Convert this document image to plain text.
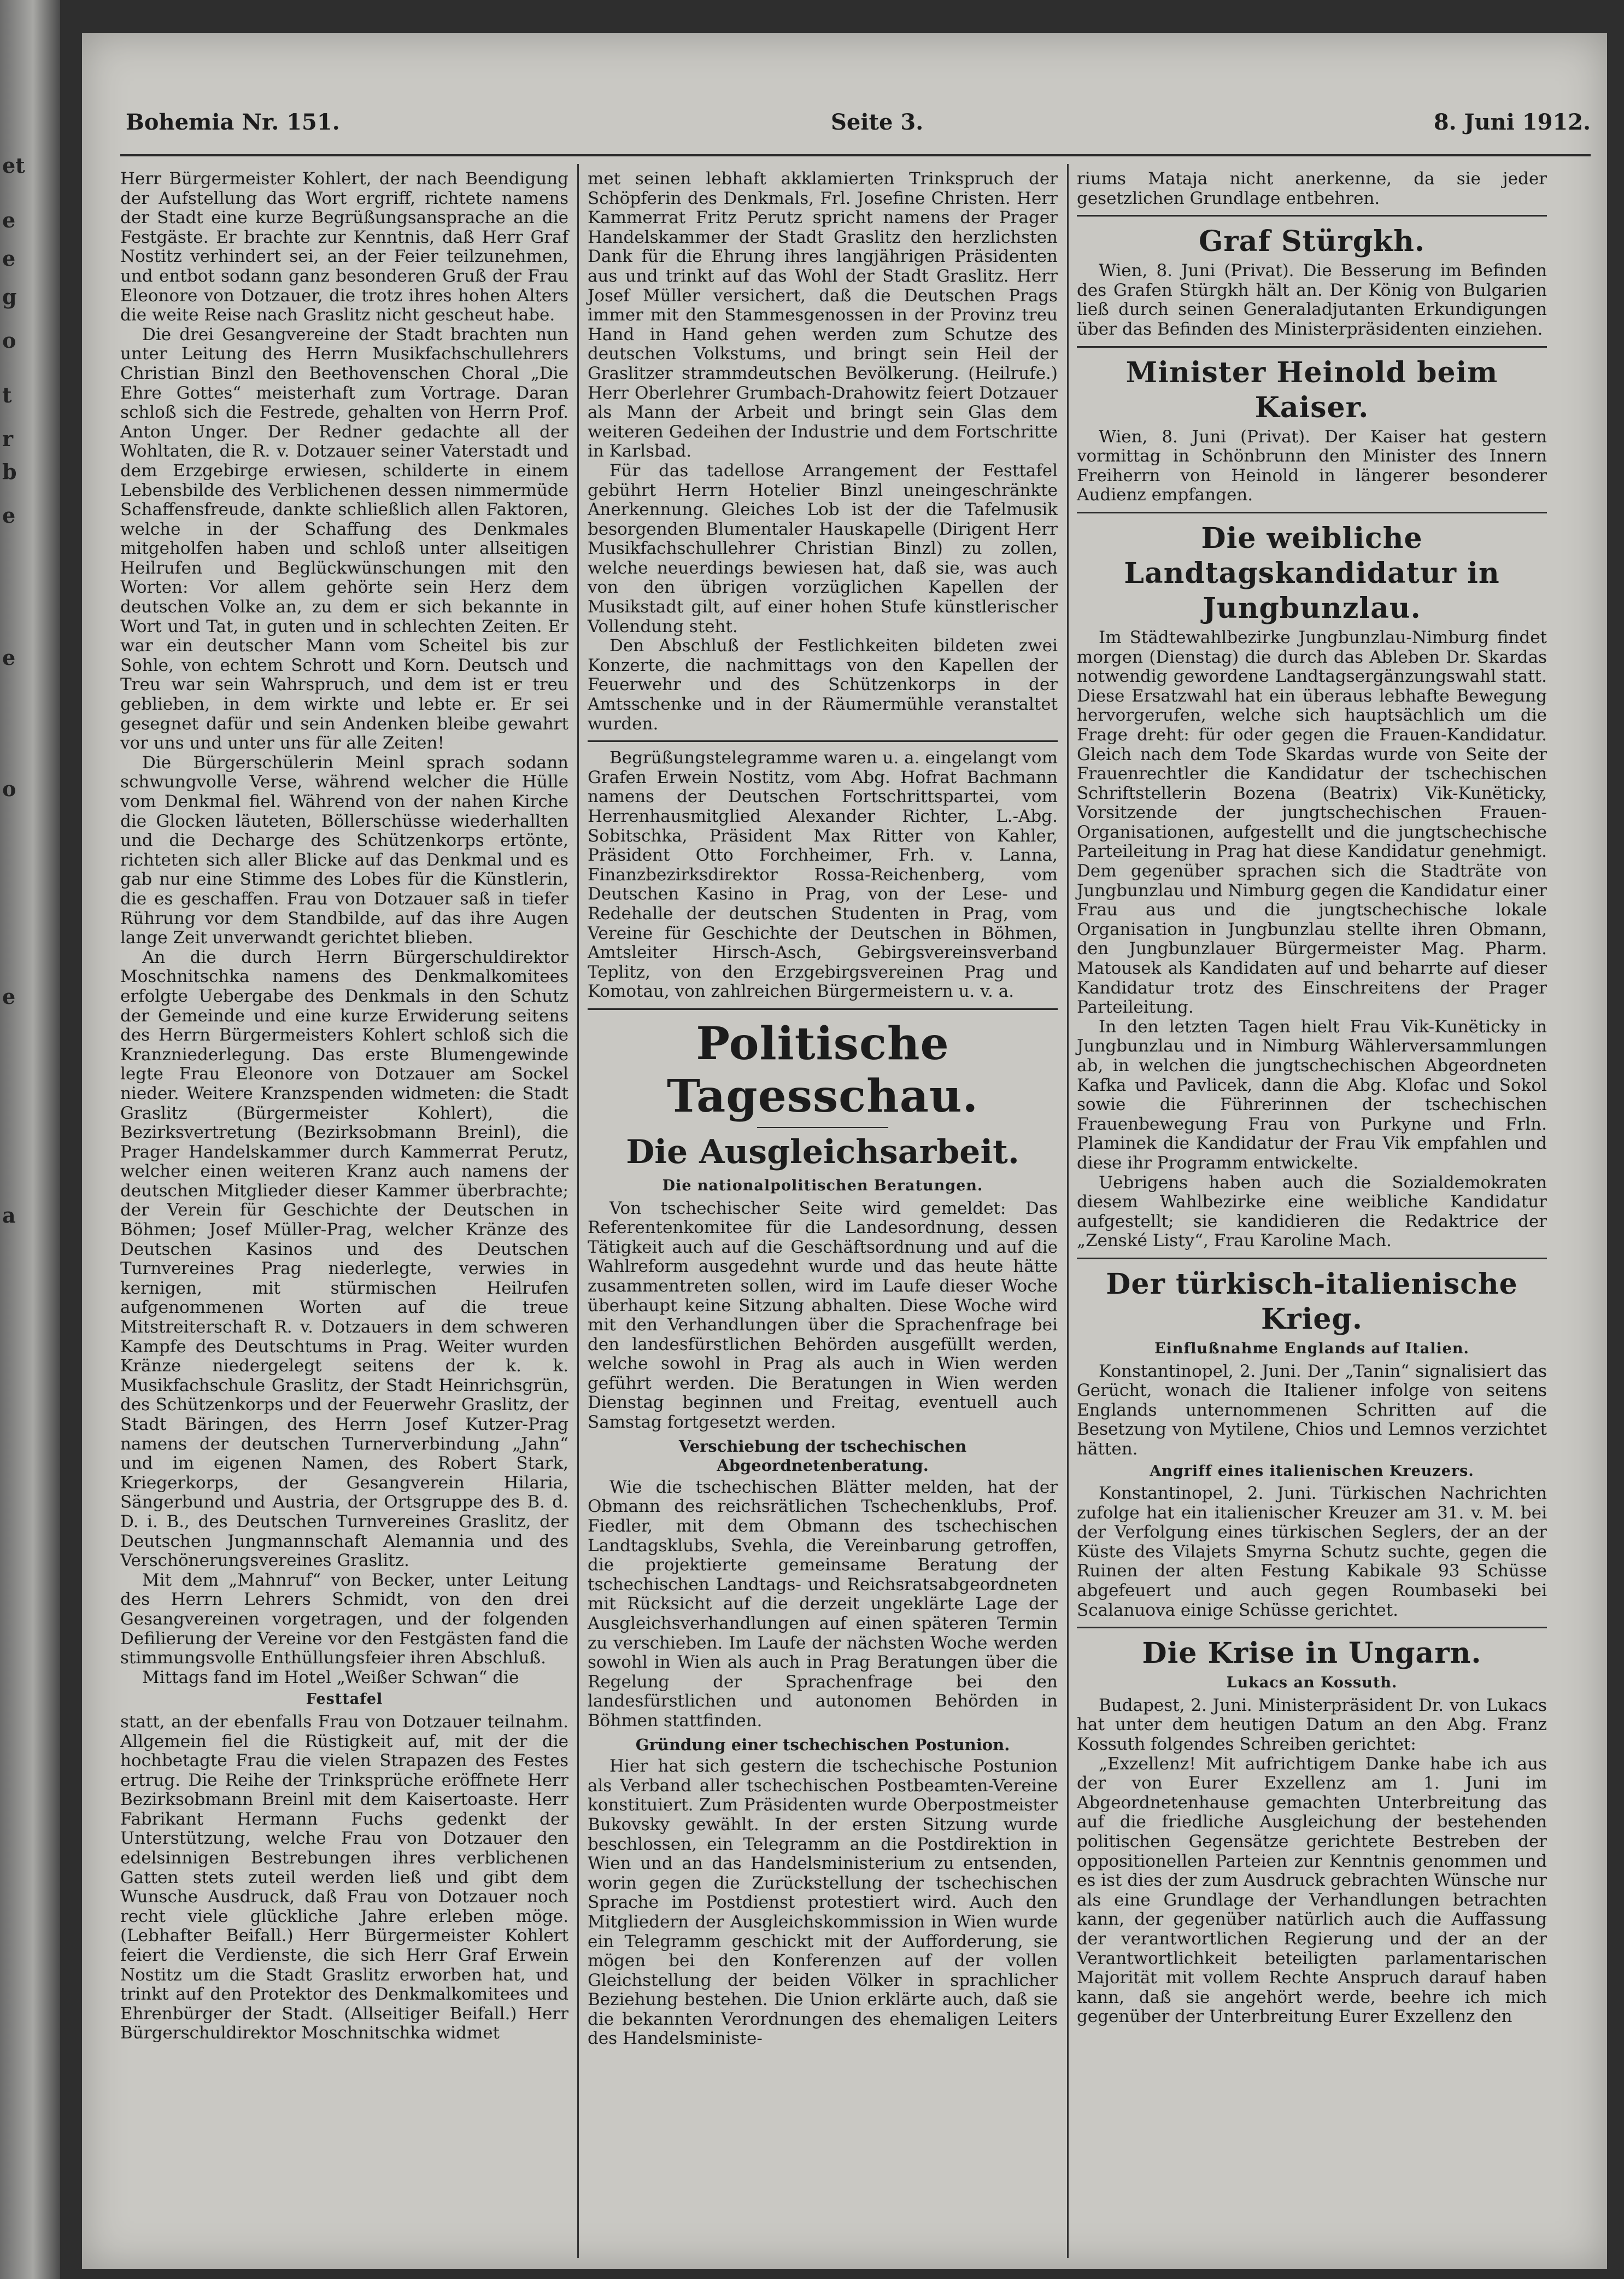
et
e
e
g
o
t
r
b
e
e
o
e
a
Bohemia Nr. 151.	Seite 3.	8. Juni 1912.

Herr Bürgermeister Kohlert, der nach Beendigung der Aufstellung das Wort ergriff, richtete namens der Stadt eine kurze Begrüßungsansprache an die Festgäste. Er brachte zur Kenntnis, daß Herr Graf Nostitz verhindert sei, an der Feier teilzunehmen, und entbot sodann ganz besonderen Gruß der Frau Eleonore von Dotzauer, die trotz ihres hohen Alters die weite Reise nach Graslitz nicht gescheut habe.

Die drei Gesangvereine der Stadt brachten nun unter Leitung des Herrn Musikfachschullehrers Christian Binzl den Beethovenschen Choral „Die Ehre Gottes“ meisterhaft zum Vortrage. Daran schloß sich die Festrede, gehalten von Herrn Prof. Anton Unger. Der Redner gedachte all der Wohltaten, die R. v. Dotzauer seiner Vaterstadt und dem Erzgebirge erwiesen, schilderte in einem Lebensbilde des Verblichenen dessen nimmermüde Schaffensfreude, dankte schließlich allen Faktoren, welche in der Schaffung des Denkmales mitgeholfen haben und schloß unter allseitigen Heilrufen und Beglückwünschungen mit den Worten: Vor allem gehörte sein Herz dem deutschen Volke an, zu dem er sich bekannte in Wort und Tat, in guten und in schlechten Zeiten. Er war ein deutscher Mann vom Scheitel bis zur Sohle, von echtem Schrott und Korn. Deutsch und Treu war sein Wahrspruch, und dem ist er treu geblieben, in dem wirkte und lebte er. Er sei gesegnet dafür und sein Andenken bleibe gewahrt vor uns und unter uns für alle Zeiten!

Die Bürgerschülerin Meinl sprach sodann schwungvolle Verse, während welcher die Hülle vom Denkmal fiel. Während von der nahen Kirche die Glocken läuteten, Böllerschüsse wiederhallten und die Decharge des Schützenkorps ertönte, richteten sich aller Blicke auf das Denkmal und es gab nur eine Stimme des Lobes für die Künstlerin, die es geschaffen. Frau von Dotzauer saß in tiefer Rührung vor dem Standbilde, auf das ihre Augen lange Zeit unverwandt gerichtet blieben.

An die durch Herrn Bürgerschuldirektor Moschnitschka namens des Denkmalkomitees erfolgte Uebergabe des Denkmals in den Schutz der Gemeinde und eine kurze Erwiderung seitens des Herrn Bürgermeisters Kohlert schloß sich die Kranzniederlegung. Das erste Blumengewinde legte Frau Eleonore von Dotzauer am Sockel nieder. Weitere Kranzspenden widmeten: die Stadt Graslitz (Bürgermeister Kohlert), die Bezirksvertretung (Bezirksobmann Breinl), die Prager Handelskammer durch Kammerrat Perutz, welcher einen weiteren Kranz auch namens der deutschen Mitglieder dieser Kammer überbrachte; der Verein für Geschichte der Deutschen in Böhmen; Josef Müller-Prag, welcher Kränze des Deutschen Kasinos und des Deutschen Turnvereines Prag niederlegte, verwies in kernigen, mit stürmischen Heilrufen aufgenommenen Worten auf die treue Mitstreiterschaft R. v. Dotzauers in dem schweren Kampfe des Deutschtums in Prag. Weiter wurden Kränze niedergelegt seitens der k. k. Musikfachschule Graslitz, der Stadt Heinrichsgrün, des Schützenkorps und der Feuerwehr Graslitz, der Stadt Bäringen, des Herrn Josef Kutzer-Prag namens der deutschen Turnerverbindung „Jahn“ und im eigenen Namen, des Robert Stark, Kriegerkorps, der Gesangverein Hilaria, Sängerbund und Austria, der Ortsgruppe des B. d. D. i. B., des Deutschen Turnvereines Graslitz, der Deutschen Jungmannschaft Alemannia und des Verschönerungsvereines Graslitz.

Mit dem „Mahnruf“ von Becker, unter Leitung des Herrn Lehrers Schmidt, von den drei Gesangvereinen vorgetragen, und der folgenden Defilierung der Vereine vor den Festgästen fand die stimmungsvolle Enthüllungsfeier ihren Abschluß.

Mittags fand im Hotel „Weißer Schwan“ die

Festtafel

statt, an der ebenfalls Frau von Dotzauer teilnahm. Allgemein fiel die Rüstigkeit auf, mit der die hochbetagte Frau die vielen Strapazen des Festes ertrug. Die Reihe der Trinksprüche eröffnete Herr Bezirksobmann Breinl mit dem Kaisertoaste. Herr Fabrikant Hermann Fuchs gedenkt der Unterstützung, welche Frau von Dotzauer den edelsinnigen Bestrebungen ihres verblichenen Gatten stets zuteil werden ließ und gibt dem Wunsche Ausdruck, daß Frau von Dotzauer noch recht viele glückliche Jahre erleben möge. (Lebhafter Beifall.) Herr Bürgermeister Kohlert feiert die Verdienste, die sich Herr Graf Erwein Nostitz um die Stadt Graslitz erworben hat, und trinkt auf den Protektor des Denkmalkomitees und Ehrenbürger der Stadt. (Allseitiger Beifall.) Herr Bürgerschuldirektor Moschnitschka widmet

met seinen lebhaft akklamierten Trinkspruch der Schöpferin des Denkmals, Frl. Josefine Christen. Herr Kammerrat Fritz Perutz spricht namens der Prager Handelskammer der Stadt Graslitz den herzlichsten Dank für die Ehrung ihres langjährigen Präsidenten aus und trinkt auf das Wohl der Stadt Graslitz. Herr Josef Müller versichert, daß die Deutschen Prags immer mit den Stammesgenossen in der Provinz treu Hand in Hand gehen werden zum Schutze des deutschen Volkstums, und bringt sein Heil der Graslitzer strammdeutschen Bevölkerung. (Heilrufe.) Herr Oberlehrer Grumbach-Drahowitz feiert Dotzauer als Mann der Arbeit und bringt sein Glas dem weiteren Gedeihen der Industrie und dem Fortschritte in Karlsbad.

Für das tadellose Arrangement der Festtafel gebührt Herrn Hotelier Binzl uneingeschränkte Anerkennung. Gleiches Lob ist der die Tafelmusik besorgenden Blumentaler Hauskapelle (Dirigent Herr Musikfachschullehrer Christian Binzl) zu zollen, welche neuerdings bewiesen hat, daß sie, was auch von den übrigen vorzüglichen Kapellen der Musikstadt gilt, auf einer hohen Stufe künstlerischer Vollendung steht.

Den Abschluß der Festlichkeiten bildeten zwei Konzerte, die nachmittags von den Kapellen der Feuerwehr und des Schützenkorps in der Amtsschenke und in der Räumermühle veranstaltet wurden.

Begrüßungstelegramme waren u. a. eingelangt vom Grafen Erwein Nostitz, vom Abg. Hofrat Bachmann namens der Deutschen Fortschrittspartei, vom Herrenhausmitglied Alexander Richter, L.-Abg. Sobitschka, Präsident Max Ritter von Kahler, Präsident Otto Forchheimer, Frh. v. Lanna, Finanzbezirksdirektor Rossa-Reichenberg, vom Deutschen Kasino in Prag, von der Lese- und Redehalle der deutschen Studenten in Prag, vom Vereine für Geschichte der Deutschen in Böhmen, Amtsleiter Hirsch-Asch, Gebirgsvereinsverband Teplitz, von den Erzgebirgsvereinen Prag und Komotau, von zahlreichen Bürgermeistern u. v. a.

Politische Tagesschau.
Die Ausgleichsarbeit.
Die nationalpolitischen Beratungen.

Von tschechischer Seite wird gemeldet: Das Referentenkomitee für die Landesordnung, dessen Tätigkeit auch auf die Geschäftsordnung und auf die Wahlreform ausgedehnt wurde und das heute hätte zusammentreten sollen, wird im Laufe dieser Woche überhaupt keine Sitzung abhalten. Diese Woche wird mit den Verhandlungen über die Sprachenfrage bei den landesfürstlichen Behörden ausgefüllt werden, welche sowohl in Prag als auch in Wien werden geführt werden. Die Beratungen in Wien werden Dienstag beginnen und Freitag, eventuell auch Samstag fortgesetzt werden.

Verschiebung der tschechischen Abgeordnetenberatung.

Wie die tschechischen Blätter melden, hat der Obmann des reichsrätlichen Tschechenklubs, Prof. Fiedler, mit dem Obmann des tschechischen Landtagsklubs, Svehla, die Vereinbarung getroffen, die projektierte gemeinsame Beratung der tschechischen Landtags- und Reichsratsabgeordneten mit Rücksicht auf die derzeit ungeklärte Lage der Ausgleichsverhandlungen auf einen späteren Termin zu verschieben. Im Laufe der nächsten Woche werden sowohl in Wien als auch in Prag Beratungen über die Regelung der Sprachenfrage bei den landesfürstlichen und autonomen Behörden in Böhmen stattfinden.

Gründung einer tschechischen Postunion.

Hier hat sich gestern die tschechische Postunion als Verband aller tschechischen Postbeamten-Vereine konstituiert. Zum Präsidenten wurde Oberpostmeister Bukovsky gewählt. In der ersten Sitzung wurde beschlossen, ein Telegramm an die Postdirektion in Wien und an das Handelsministerium zu entsenden, worin gegen die Zurückstellung der tschechischen Sprache im Postdienst protestiert wird. Auch den Mitgliedern der Ausgleichskommission in Wien wurde ein Telegramm geschickt mit der Aufforderung, sie mögen bei den Konferenzen auf der vollen Gleichstellung der beiden Völker in sprachlicher Beziehung bestehen. Die Union erklärte auch, daß sie die bekannten Verordnungen des ehemaligen Leiters des Handelsministe-

riums Mataja nicht anerkenne, da sie jeder gesetzlichen Grundlage entbehren.

Graf Stürgkh.

Wien, 8. Juni (Privat). Die Besserung im Befinden des Grafen Stürgkh hält an. Der König von Bulgarien ließ durch seinen Generaladjutanten Erkundigungen über das Befinden des Ministerpräsidenten einziehen.

Minister Heinold beim Kaiser.

Wien, 8. Juni (Privat). Der Kaiser hat gestern vormittag in Schönbrunn den Minister des Innern Freiherrn von Heinold in längerer besonderer Audienz empfangen.

Die weibliche Landtagskandidatur in Jungbunzlau.

Im Städtewahlbezirke Jungbunzlau-Nimburg findet morgen (Dienstag) die durch das Ableben Dr. Skardas notwendig gewordene Landtagsergänzungswahl statt. Diese Ersatzwahl hat ein überaus lebhafte Bewegung hervorgerufen, welche sich hauptsächlich um die Frage dreht: für oder gegen die Frauen-Kandidatur. Gleich nach dem Tode Skardas wurde von Seite der Frauenrechtler die Kandidatur der tschechischen Schriftstellerin Bozena (Beatrix) Vik-Kunëticky, Vorsitzende der jungtschechischen Frauen-Organisationen, aufgestellt und die jungtschechische Parteileitung in Prag hat diese Kandidatur genehmigt. Dem gegenüber sprachen sich die Stadträte von Jungbunzlau und Nimburg gegen die Kandidatur einer Frau aus und die jungtschechische lokale Organisation in Jungbunzlau stellte ihren Obmann, den Jungbunzlauer Bürgermeister Mag. Pharm. Matousek als Kandidaten auf und beharrte auf dieser Kandidatur trotz des Einschreitens der Prager Parteileitung.

In den letzten Tagen hielt Frau Vik-Kunëticky in Jungbunzlau und in Nimburg Wählerversammlungen ab, in welchen die jungtschechischen Abgeordneten Kafka und Pavlicek, dann die Abg. Klofac und Sokol sowie die Führerinnen der tschechischen Frauenbewegung Frau von Purkyne und Frln. Plaminek die Kandidatur der Frau Vik empfahlen und diese ihr Programm entwickelte.

Uebrigens haben auch die Sozialdemokraten diesem Wahlbezirke eine weibliche Kandidatur aufgestellt; sie kandidieren die Redaktrice der „Zenské Listy“, Frau Karoline Mach.

Der türkisch-italienische Krieg.
Einflußnahme Englands auf Italien.

Konstantinopel, 2. Juni. Der „Tanin“ signalisiert das Gerücht, wonach die Italiener infolge von seitens Englands unternommenen Schritten auf die Besetzung von Mytilene, Chios und Lemnos verzichtet hätten.

Angriff eines italienischen Kreuzers.

Konstantinopel, 2. Juni. Türkischen Nachrichten zufolge hat ein italienischer Kreuzer am 31. v. M. bei der Verfolgung eines türkischen Seglers, der an der Küste des Vilajets Smyrna Schutz suchte, gegen die Ruinen der alten Festung Kabikale 93 Schüsse abgefeuert und auch gegen Roumbaseki bei Scalanuova einige Schüsse gerichtet.

Die Krise in Ungarn.
Lukacs an Kossuth.

Budapest, 2. Juni. Ministerpräsident Dr. von Lukacs hat unter dem heutigen Datum an den Abg. Franz Kossuth folgendes Schreiben gerichtet:

„Exzellenz! Mit aufrichtigem Danke habe ich aus der von Eurer Exzellenz am 1. Juni im Abgeordnetenhause gemachten Unterbreitung das auf die friedliche Ausgleichung der bestehenden politischen Gegensätze gerichtete Bestreben der oppositionellen Parteien zur Kenntnis genommen und es ist dies der zum Ausdruck gebrachten Wünsche nur als eine Grundlage der Verhandlungen betrachten kann, der gegenüber natürlich auch die Auffassung der verantwortlichen Regierung und der an der Verantwortlichkeit beteiligten parlamentarischen Majorität mit vollem Rechte Anspruch darauf haben kann, daß sie angehört werde, beehre ich mich gegenüber der Unterbreitung Eurer Exzellenz den
